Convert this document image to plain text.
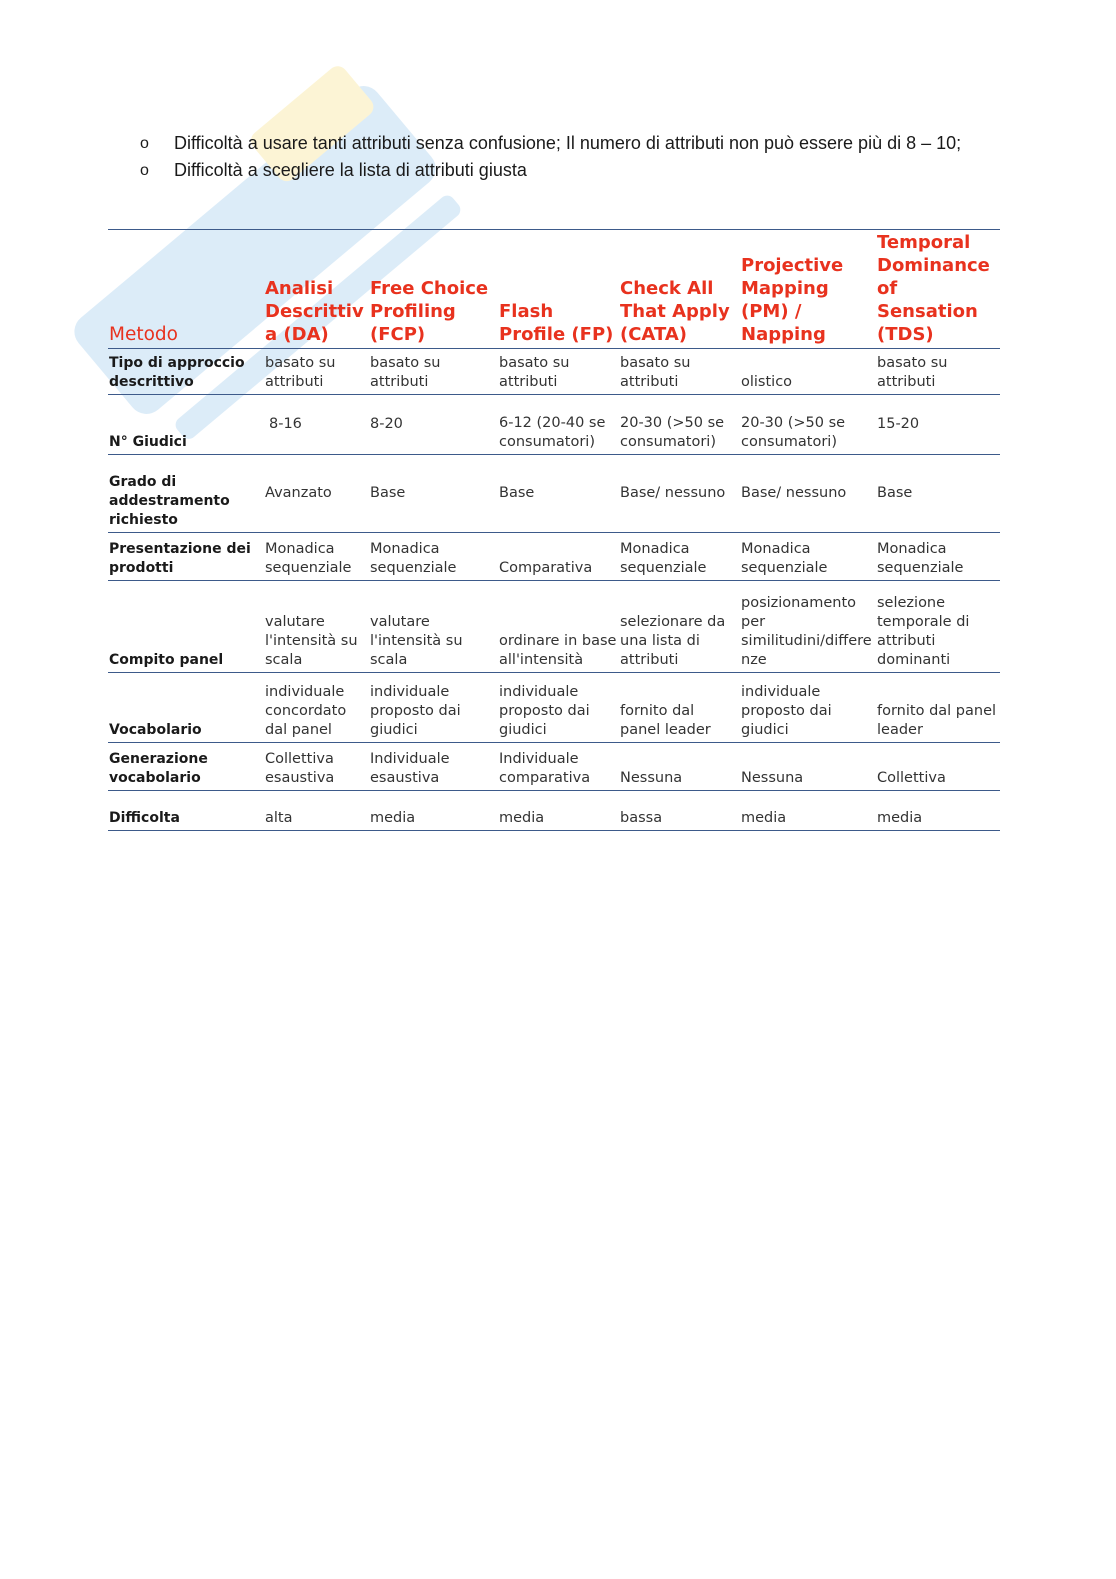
o Difficoltà a usare tanti attributi senza confusione; Il numero di attributi non può essere più di 8 – 10;
o Difficoltà a scegliere la lista di attributi giusta
Metodo	Analisi Descrittiva (DA)	Free Choice Profiling (FCP)	Flash Profile (FP)	Check All That Apply (CATA)	Projective Mapping (PM) / Napping	Temporal Dominance of Sensation (TDS)
Tipo di approccio descrittivo	basato su attributi	basato su attributi	basato su attributi	basato su attributi	olistico	basato su attributi
N° Giudici	8-16	8-20	6-12 (20-40 se consumatori)	20-30 (>50 se consumatori)	20-30 (>50 se consumatori)	15-20
Grado di addestramento richiesto	Avanzato	Base	Base	Base/ nessuno	Base/ nessuno	Base
Presentazione dei prodotti	Monadica sequenziale	Monadica sequenziale	Comparativa	Monadica sequenziale	Monadica sequenziale	Monadica sequenziale
Compito panel	valutare l'intensità su scala	valutare l'intensità su scala	ordinare in base all'intensità	selezionare da una lista di attributi	posizionamento per similitudini/differenze	selezione temporale di attributi dominanti
Vocabolario	individuale concordato dal panel	individuale proposto dai giudici	individuale proposto dai giudici	fornito dal panel leader	individuale proposto dai giudici	fornito dal panel leader
Generazione vocabolario	Collettiva esaustiva	Individuale esaustiva	Individuale comparativa	Nessuna	Nessuna	Collettiva
Difficolta	alta	media	media	bassa	media	media
